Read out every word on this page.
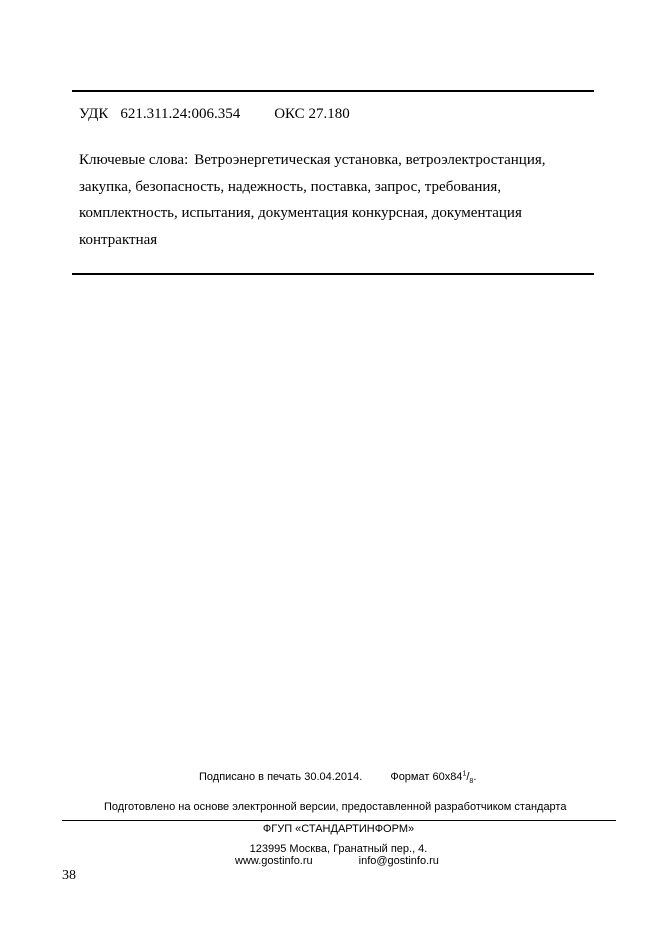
УДК 621.311.24:006.354 ОКС 27.180
Ключевые слова: Ветроэнергетическая установка, ветроэлектростанция,
закупка, безопасность, надежность, поставка, запрос, требования,
комплектность, испытания, документация конкурсная, документация
контрактная
Подписано в печать 30.04.2014.	Формат $60х84^1/_8$.
Подготовлено на основе электронной версии, предоставленной разработчиком стандарта
ФГУП «СТАНДАРТИНФОРМ»
123995 Москва, Гранатный пер., 4.
www.gostinfo.ru	info@gostinfo.ru
38
